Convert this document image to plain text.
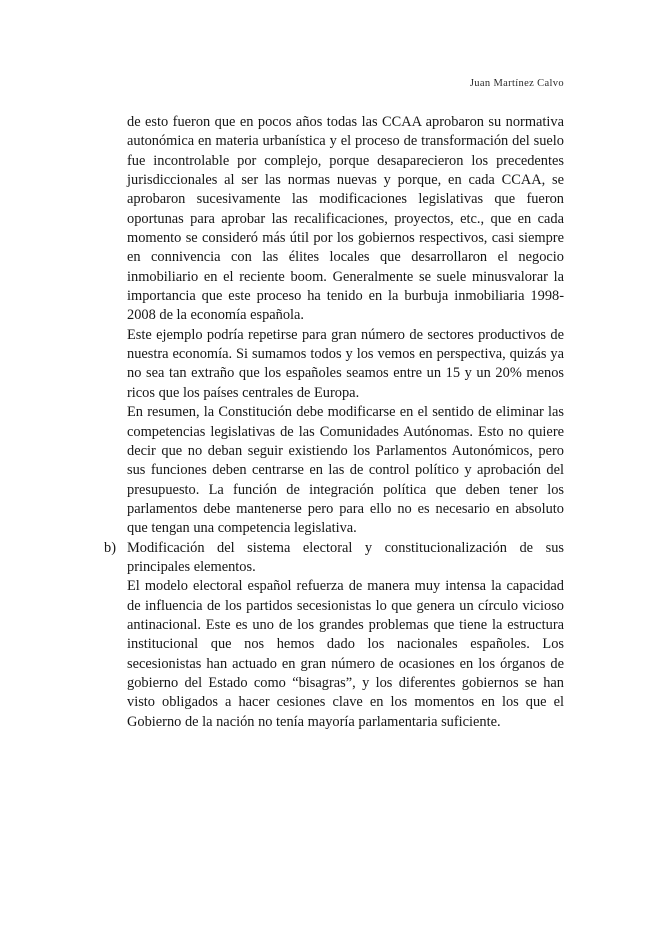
Juan Martínez Calvo

de esto fueron que en pocos años todas las CCAA aprobaron su normativa autonómica en materia urbanística y el proceso de transformación del suelo fue incontrolable por complejo, porque desaparecieron los precedentes jurisdiccionales al ser las normas nuevas y porque, en cada CCAA, se aprobaron sucesivamente las modificaciones legislativas que fueron oportunas para aprobar las recalificaciones, proyectos, etc., que en cada momento se consideró más útil por los gobiernos respectivos, casi siempre en connivencia con las élites locales que desarrollaron el negocio inmobiliario en el reciente boom. Generalmente se suele minusvalorar la importancia que este proceso ha tenido en la burbuja inmobiliaria 1998-2008 de la economía española.

Este ejemplo podría repetirse para gran número de sectores productivos de nuestra economía. Si sumamos todos y los vemos en perspectiva, quizás ya no sea tan extraño que los españoles seamos entre un 15 y un 20% menos ricos que los países centrales de Europa.

En resumen, la Constitución debe modificarse en el sentido de eliminar las competencias legislativas de las Comunidades Autónomas. Esto no quiere decir que no deban seguir existiendo los Parlamentos Autonómicos, pero sus funciones deben centrarse en las de control político y aprobación del presupuesto. La función de integración política que deben tener los parlamentos debe mantenerse pero para ello no es necesario en absoluto que tengan una competencia legislativa.

b) Modificación del sistema electoral y constitucionalización de sus principales elementos.

El modelo electoral español refuerza de manera muy intensa la capacidad de influencia de los partidos secesionistas lo que genera un círculo vicioso antinacional. Este es uno de los grandes problemas que tiene la estructura institucional que nos hemos dado los nacionales españoles. Los secesionistas han actuado en gran número de ocasiones en los órganos de gobierno del Estado como “bisagras”, y los diferentes gobiernos se han visto obligados a hacer cesiones clave en los momentos en los que el Gobierno de la nación no tenía mayoría parlamentaria suficiente.
